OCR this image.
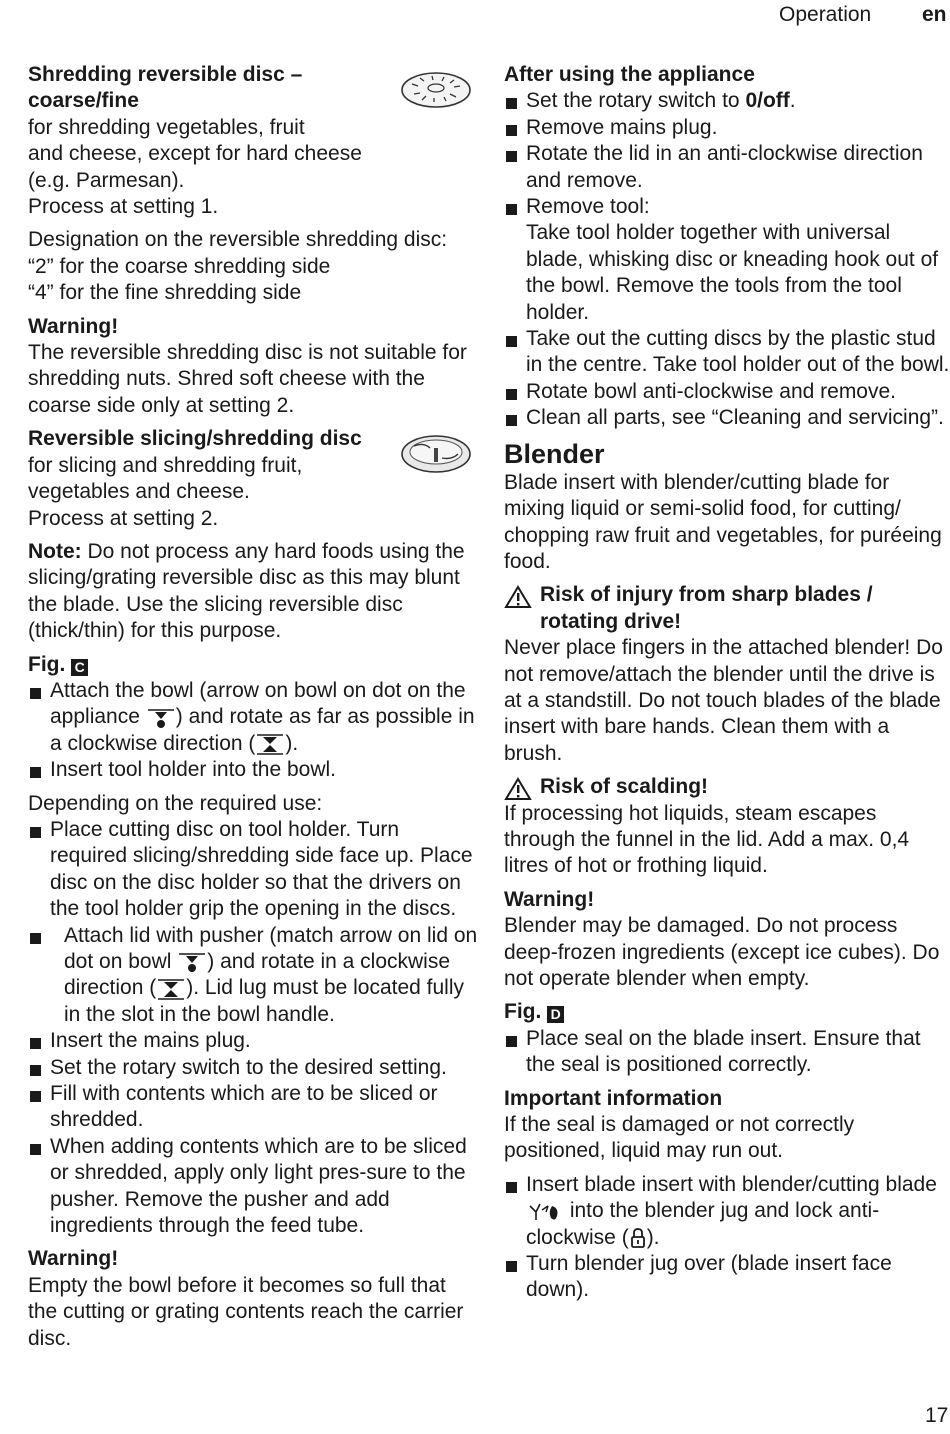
Operation en

Shredding reversible disc – coarse/fine

for shredding vegetables, fruit

and cheese, except for hard cheese

(e.g. Parmesan).

Process at setting 1.

Designation on the reversible shredding disc:

“2” for the coarse shredding side

“4” for the fine shredding side

Warning!

The reversible shredding disc is not suitable for shredding nuts. Shred soft cheese with the coarse side only at setting 2.

Reversible slicing/shredding disc

for slicing and shredding fruit,

vegetables and cheese.

Process at setting 2.

Note: Do not process any hard foods using the slicing/grating reversible disc as this may blunt the blade. Use the slicing reversible disc (thick/thin) for this purpose.

Fig. C

Attach the bowl (arrow on bowl on dot on the appliance ) and rotate as far as possible in a clockwise direction ( ).
Insert tool holder into the bowl.

Depending on the required use:

Place cutting disc on tool holder. Turn required slicing/shredding side face up. Place disc on the disc holder so that the drivers on the tool holder grip the opening in the discs.
Attach lid with pusher (match arrow on lid on dot on bowl ) and rotate in a clockwise direction ( ). Lid lug must be located fully in the slot in the bowl handle.
Insert the mains plug.
Set the rotary switch to the desired setting.
Fill with contents which are to be sliced or shredded.
When adding contents which are to be sliced or shredded, apply only light pres-sure to the pusher. Remove the pusher and add ingredients through the feed tube.

Warning!

Empty the bowl before it becomes so full that the cutting or grating contents reach the carrier disc.

After using the appliance

Set the rotary switch to 0/off.
Remove mains plug.
Rotate the lid in an anti-clockwise direction and remove.
Remove tool:
Take tool holder together with universal blade, whisking disc or kneading hook out of the bowl. Remove the tools from the tool holder.
Take out the cutting discs by the plastic stud in the centre. Take tool holder out of the bowl.
Rotate bowl anti-clockwise and remove.
Clean all parts, see “Cleaning and servicing”.

Blender

Blade insert with blender/cutting blade for mixing liquid or semi-solid food, for cutting/ chopping raw fruit and vegetables, for puréeing food.

Risk of injury from sharp blades / rotating drive!

Never place fingers in the attached blender! Do not remove/attach the blender until the drive is at a standstill. Do not touch blades of the blade insert with bare hands. Clean them with a brush.

Risk of scalding!

If processing hot liquids, steam escapes through the funnel in the lid. Add a max. 0,4 litres of hot or frothing liquid.

Warning!

Blender may be damaged. Do not process deep-frozen ingredients (except ice cubes). Do not operate blender when empty.

Fig. D

Place seal on the blade insert. Ensure that the seal is positioned correctly.

Important information

If the seal is damaged or not correctly positioned, liquid may run out.

Insert blade insert with blender/cutting blade  into the blender jug and lock anti-clockwise ( ).
Turn blender jug over (blade insert face down).
17
